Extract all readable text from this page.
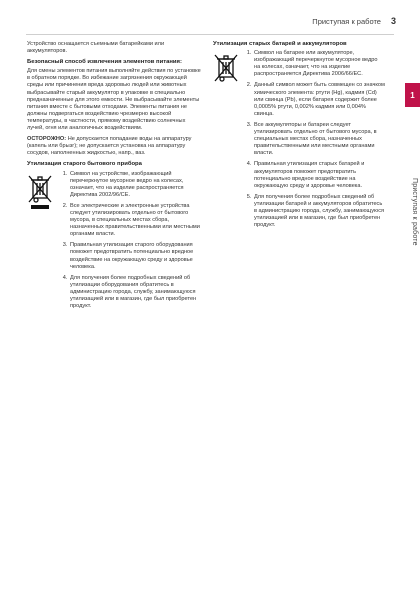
Приступая к работе 3
1
Приступая к работе

Устройство оснащается съемными батарейками или аккумуляторов.

Безопасный способ извлечения элементов питания:

Для смены элементов питания выполняйте действия по установке в обратном порядке. Во избежание загрязнения окружающей среды или причинения вреда здоровью людей или животных выбрасывайте старый аккумулятор в упаковке в специально предназначенные для этого емкости. Не выбрасывайте элементы питания вместе с бытовыми отходами. Элементы питания не должны подвергаться воздействию чрезмерно высокой температуры, в частности, прямому воздействию солнечных лучей, огня или аналогичных воздействиям.

ОСТОРОЖНО: Не допускается попадание воды на аппаратуру (капель или брызг); не допускается установка на аппаратуру сосудов, наполненных жидкостью, напр., ваз.

Утилизация старого бытового прибора

1. Символ на устройстве, изображающий перечеркнутое мусорное ведро на колесах, означает, что на изделие распространяется Директива 2002/96/CE.
2. Все электрические и электронные устройства следует утилизировать отдельно от бытового мусора, в специальных местах сбора, назначенных правительственными или местными органами власти.
3. Правильная утилизация старого оборудования поможет предотвратить потенциально вредное воздействие на окружающую среду и здоровье человека.
4. Для получения более подробных сведений об утилизации оборудования обратитесь в администрацию города, службу, занимающуюся утилизацией или в магазин, где был приобретен продукт.

Утилизация старых батарей и аккумуляторов

1. Символ на батарее или аккумуляторе, изображающий перечеркнутое мусорное ведро на колесах, означает, что на изделие распространяется Директива 2006/66/EC.
2. Данный символ может быть совмещен со значком химического элемента: ртути (Hg), кадмия (Cd) или свинца (Pb), если батарея содержит более 0,0005% ртути, 0,002% кадмия или 0,004% свинца.
3. Все аккумуляторы и батареи следует утилизировать отдельно от бытового мусора, в специальных местах сбора, назначенных правительственными или местными органами власти.
4. Правильная утилизация старых батарей и аккумуляторов поможет предотвратить потенциально вредное воздействие на окружающую среду и здоровье человека.
5. Для получения более подробных сведений об утилизации батарей и аккумуляторов обратитесь в администрацию города, службу, занимающуюся утилизацией или в магазин, где был приобретен продукт.
